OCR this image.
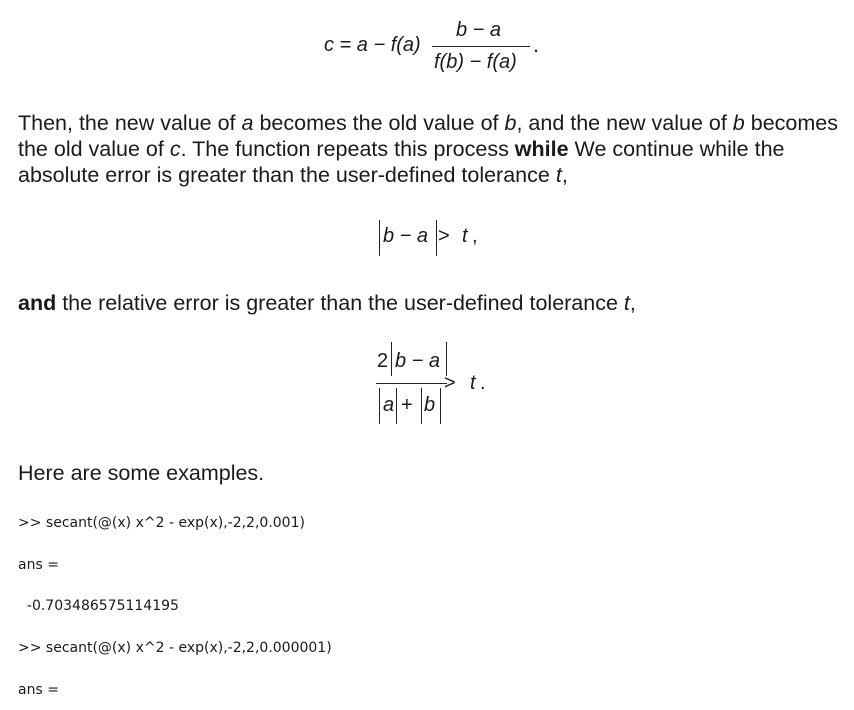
c = a − f(a)
b − a
f(b) − f(a)
.
Then, the new value of a becomes the old value of b, and the new value of b becomes the old value of c. The function repeats this process while We continue while the absolute error is greater than the user-defined tolerance t,
b − a > t ,
and the relative error is greater than the user-defined tolerance t,
2 b − a
a + b
> t .
Here are some examples.
>> secant(@(x) x^2 - exp(x),-2,2,0.001)
ans =
-0.703486575114195
>> secant(@(x) x^2 - exp(x),-2,2,0.000001)
ans =
